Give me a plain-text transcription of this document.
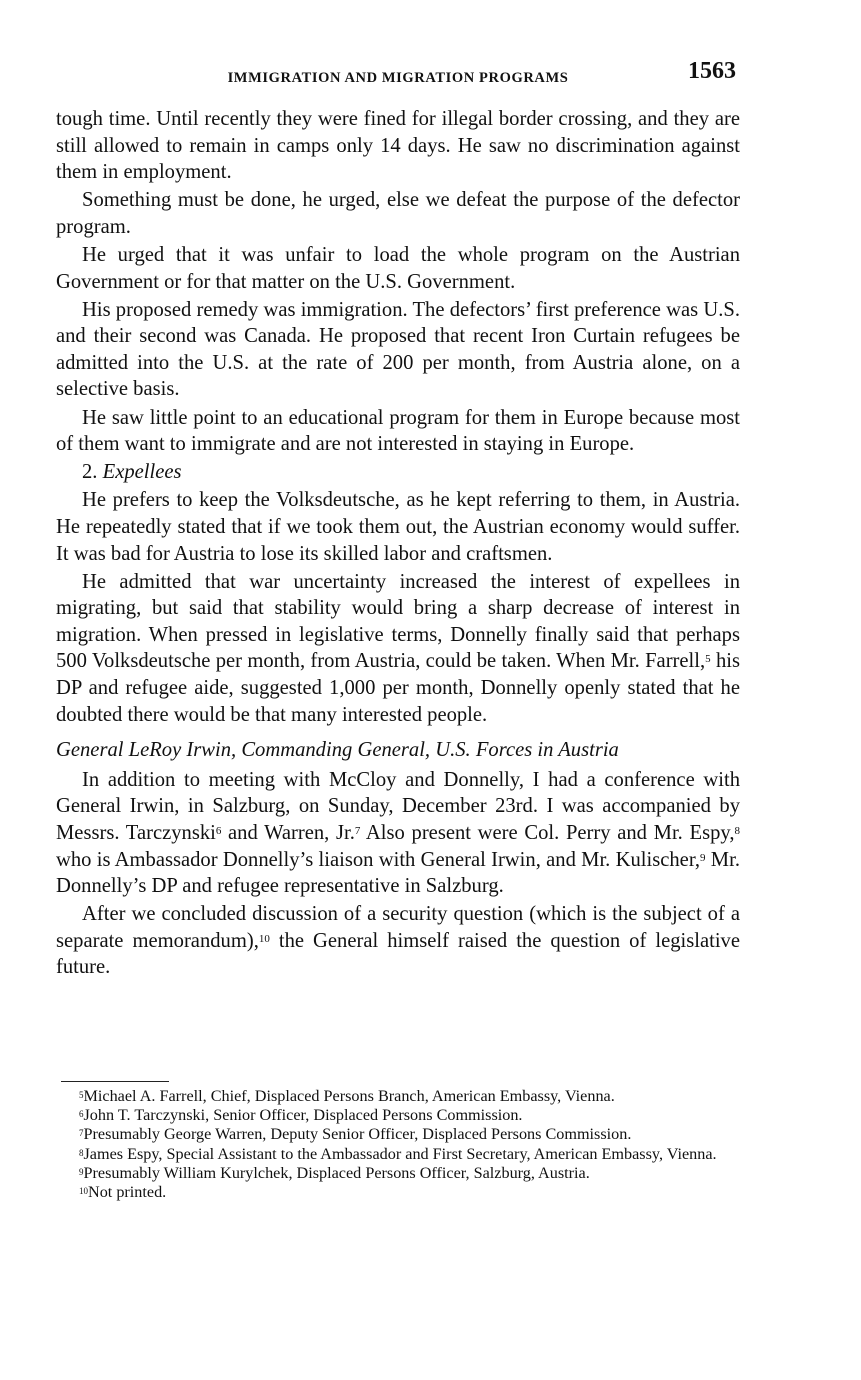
IMMIGRATION AND MIGRATION PROGRAMS	1563

tough time. Until recently they were fined for illegal border crossing, and they are still allowed to remain in camps only 14 days. He saw no discrimination against them in employment.

Something must be done, he urged, else we defeat the purpose of the defector program.

He urged that it was unfair to load the whole program on the Austrian Government or for that matter on the U.S. Government.

His proposed remedy was immigration. The defectors’ first preference was U.S. and their second was Canada. He proposed that recent Iron Curtain refugees be admitted into the U.S. at the rate of 200 per month, from Austria alone, on a selective basis.

He saw little point to an educational program for them in Europe because most of them want to immigrate and are not interested in staying in Europe.

2. Expellees

He prefers to keep the Volksdeutsche, as he kept referring to them, in Austria. He repeatedly stated that if we took them out, the Austrian economy would suffer. It was bad for Austria to lose its skilled labor and craftsmen.

He admitted that war uncertainty increased the interest of expellees in migrating, but said that stability would bring a sharp decrease of interest in migration. When pressed in legislative terms, Donnelly finally said that perhaps 500 Volksdeutsche per month, from Austria, could be taken. When Mr. Farrell,$^5$ his DP and refugee aide, suggested 1,000 per month, Donnelly openly stated that he doubted there would be that many interested people.

General LeRoy Irwin, Commanding General, U.S. Forces in Austria

In addition to meeting with McCloy and Donnelly, I had a conference with General Irwin, in Salzburg, on Sunday, December 23rd. I was accompanied by Messrs. Tarczynski$^6$ and Warren, Jr.$^7$ Also present were Col. Perry and Mr. Espy,$^8$ who is Ambassador Donnelly’s liaison with General Irwin, and Mr. Kulischer,$^9$ Mr. Donnelly’s DP and refugee representative in Salzburg.

After we concluded discussion of a security question (which is the subject of a separate memorandum),$^{10}$ the General himself raised the question of legislative future.

$^5$Michael A. Farrell, Chief, Displaced Persons Branch, American Embassy, Vienna.

$^6$John T. Tarczynski, Senior Officer, Displaced Persons Commission.

$^7$Presumably George Warren, Deputy Senior Officer, Displaced Persons Commission.

$^8$James Espy, Special Assistant to the Ambassador and First Secretary, American Embassy, Vienna.

$^9$Presumably William Kurylchek, Displaced Persons Officer, Salzburg, Austria.

$^{10}$Not printed.
